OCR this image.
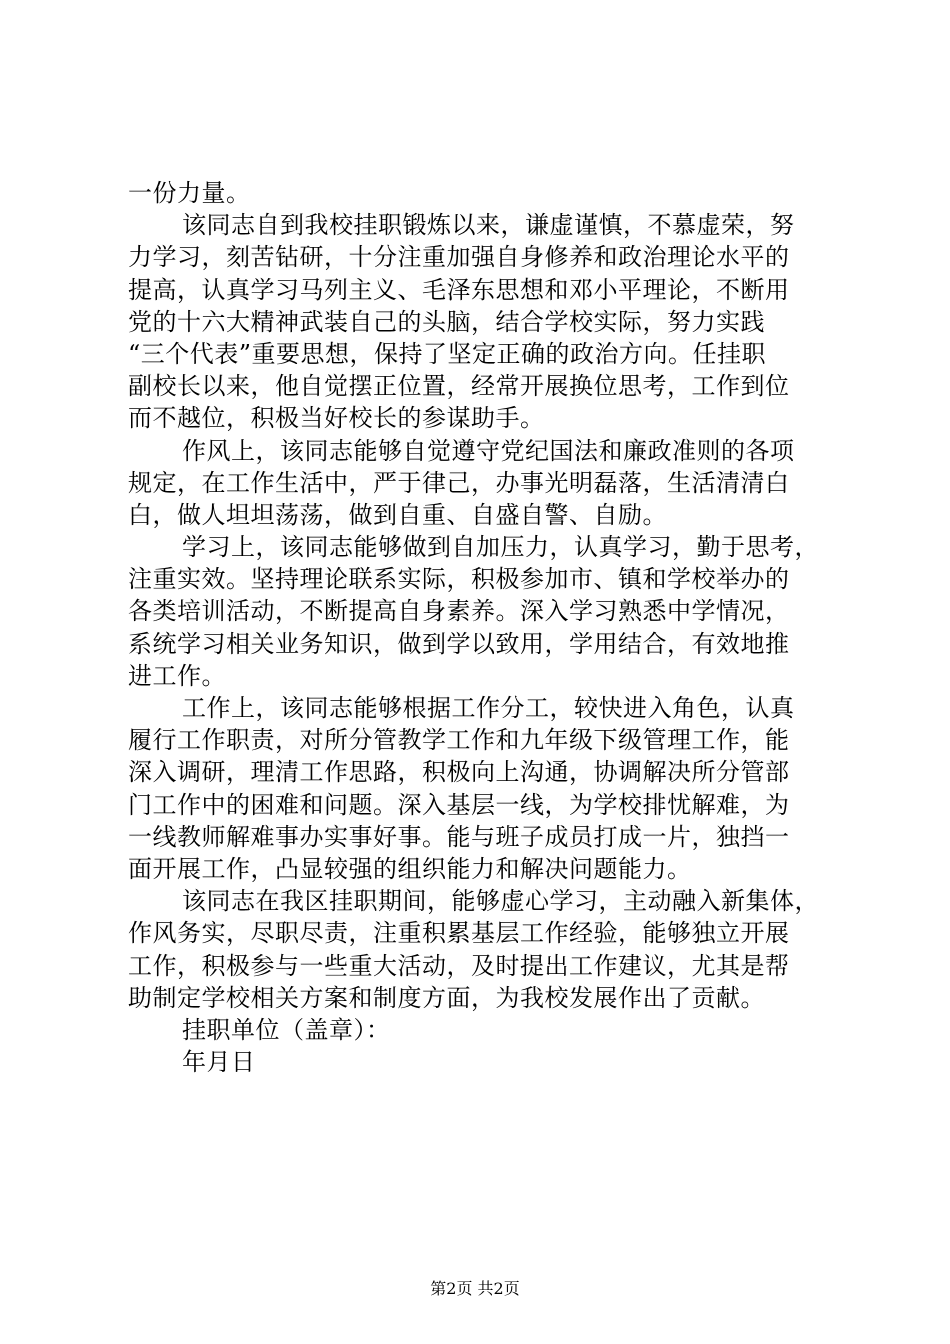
一份力量。
该同志自到我校挂职锻炼以来，谦虚谨慎，不慕虚荣，努
力学习，刻苦钻研，十分注重加强自身修养和政治理论水平的
提高，认真学习马列主义、毛泽东思想和邓小平理论，不断用
党的十六大精神武装自己的头脑，结合学校实际，努力实践
“三个代表”重要思想，保持了坚定正确的政治方向。任挂职
副校长以来，他自觉摆正位置，经常开展换位思考，工作到位
而不越位，积极当好校长的参谋助手。
作风上，该同志能够自觉遵守党纪国法和廉政准则的各项
规定，在工作生活中，严于律己，办事光明磊落，生活清清白
白，做人坦坦荡荡，做到自重、自盛自警、自励。
学习上，该同志能够做到自加压力，认真学习，勤于思考，
注重实效。坚持理论联系实际，积极参加市、镇和学校举办的
各类培训活动，不断提高自身素养。深入学习熟悉中学情况，
系统学习相关业务知识，做到学以致用，学用结合，有效地推
进工作。
工作上，该同志能够根据工作分工，较快进入角色，认真
履行工作职责，对所分管教学工作和九年级下级管理工作，能
深入调研，理清工作思路，积极向上沟通，协调解决所分管部
门工作中的困难和问题。深入基层一线，为学校排忧解难，为
一线教师解难事办实事好事。能与班子成员打成一片，独挡一
面开展工作，凸显较强的组织能力和解决问题能力。
该同志在我区挂职期间，能够虚心学习，主动融入新集体，
作风务实，尽职尽责，注重积累基层工作经验，能够独立开展
工作，积极参与一些重大活动，及时提出工作建议，尤其是帮
助制定学校相关方案和制度方面，为我校发展作出了贡献。
挂职单位（盖章）：
年月日
第2页 共2页
